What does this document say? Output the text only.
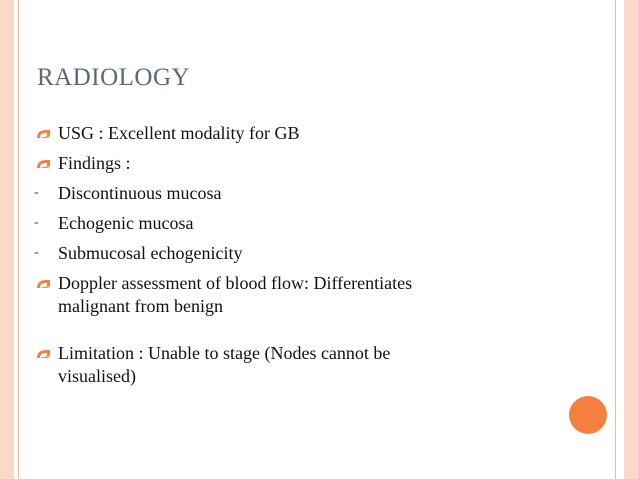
RADIOLOGY
USG : Excellent modality for GB
Findings :
- Discontinuous mucosa
- Echogenic mucosa
- Submucosal echogenicity
Doppler assessment of blood flow: Differentiates
malignant from benign
Limitation : Unable to stage (Nodes cannot be
visualised)
